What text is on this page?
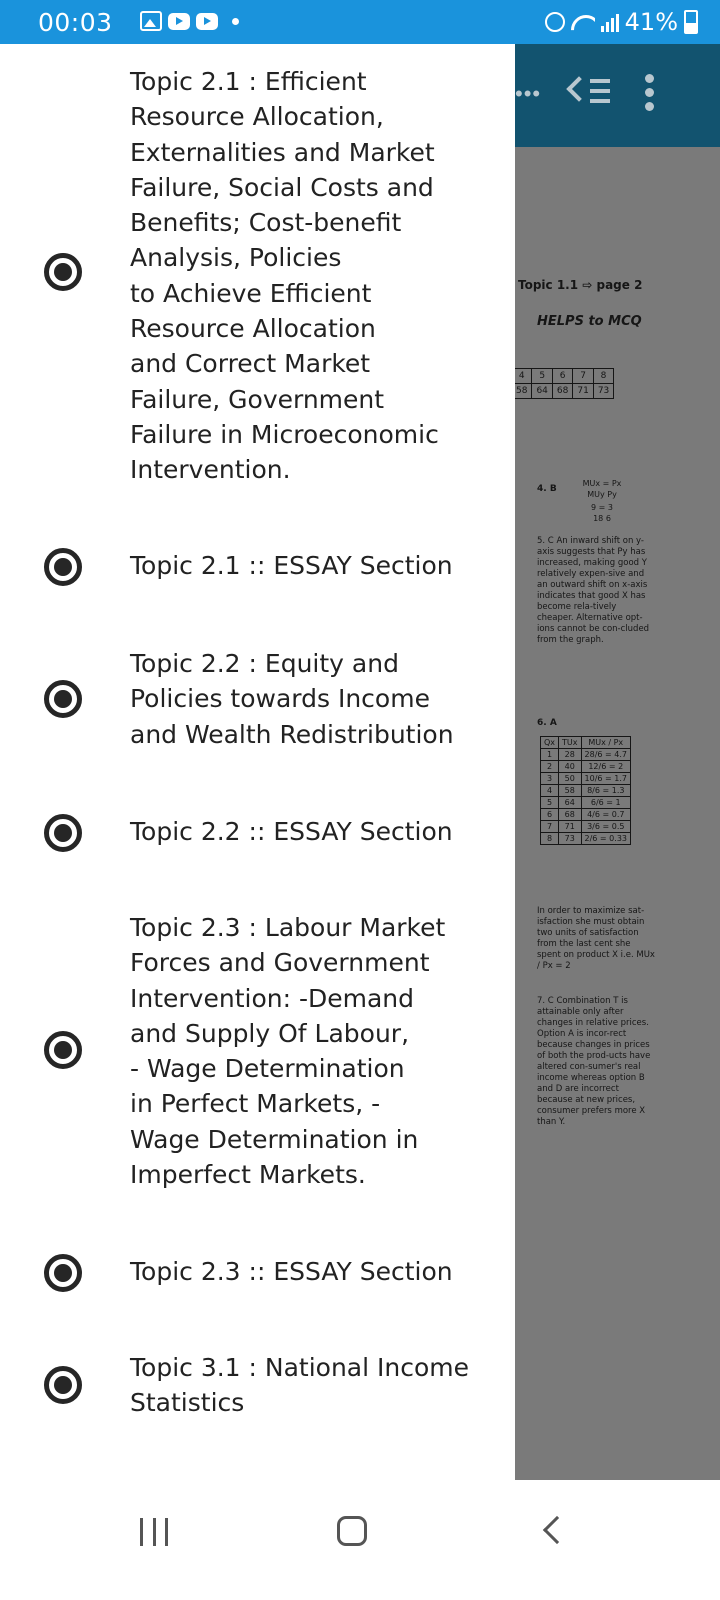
00:03	41%
•••
Topic 1.1 ⇨ page 2
HELPS to MCQ
4	5	6	7	8
58	64	68	71	73
4. B
MUx = Px
MUy Py
9 = 3
18 6
5. C An inward shift on y-axis suggests that Py has increased, making good Y relatively expen-sive and an outward shift on x-axis indicates that good X has become rela-tively cheaper. Alternative opt-ions cannot be con-cluded from the graph.
6. A
Qx	TUx	MUx / Px
1	28	28/6 = 4.7
2	40	12/6 = 2
3	50	10/6 = 1.7
4	58	8/6 = 1.3
5	64	6/6 = 1
6	68	4/6 = 0.7
7	71	3/6 = 0.5
8	73	2/6 = 0.33
In order to maximize sat-isfaction she must obtain two units of satisfaction from the last cent she spent on product X i.e. MUx / Px = 2
7. C Combination T is attainable only after changes in relative prices. Option A is incor-rect because changes in prices of both the prod-ucts have altered con-sumer's real income whereas option B and D are incorrect because at new prices, consumer prefers more X than Y.
Topic 2.1 : Efficient
Resource Allocation,
Externalities and Market
Failure, Social Costs and
Benefits; Cost-benefit
Analysis, Policies
to Achieve Efficient
Resource Allocation
and Correct Market
Failure, Government
Failure in Microeconomic
Intervention.
Topic 2.1 :: ESSAY Section
Topic 2.2 : Equity and
Policies towards Income
and Wealth Redistribution
Topic 2.2 :: ESSAY Section
Topic 2.3 : Labour Market
Forces and Government
Intervention: -Demand
and Supply Of Labour,
- Wage Determination
in Perfect Markets, -
Wage Determination in
Imperfect Markets.
Topic 2.3 :: ESSAY Section
Topic 3.1 : National Income
Statistics
